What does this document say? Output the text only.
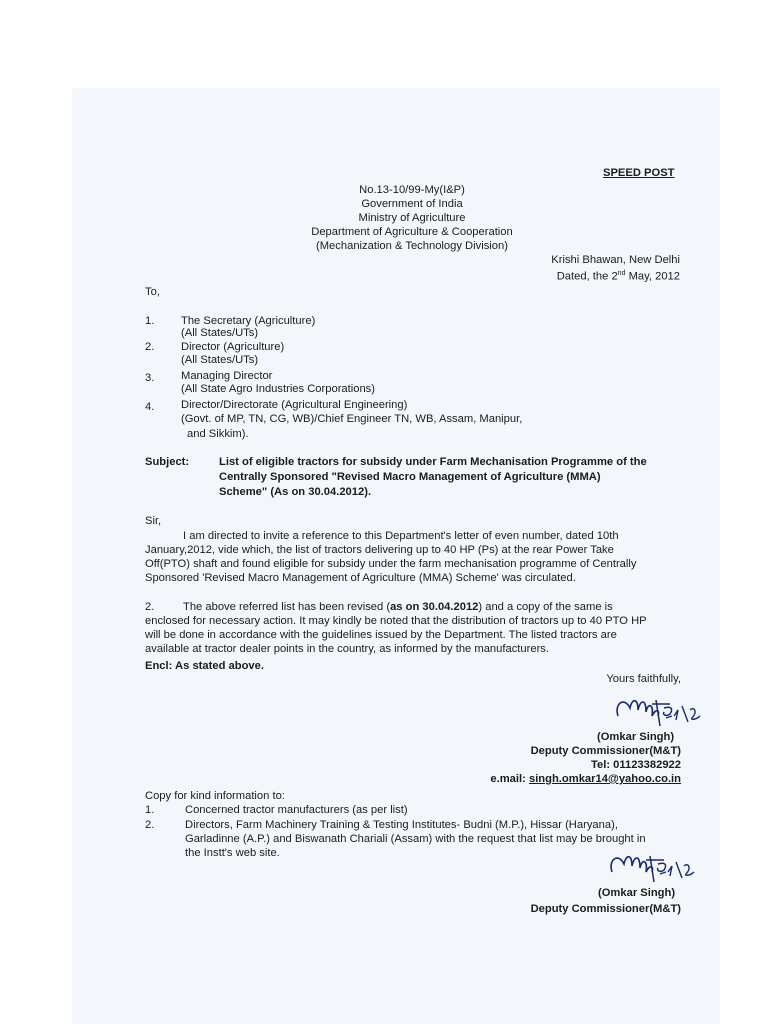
SPEED POST
No.13-10/99-My(I&P)
Government of India
Ministry of Agriculture
Department of Agriculture & Cooperation
(Mechanization & Technology Division)
Krishi Bhawan, New Delhi
Dated, the 2nd May, 2012
To,
1. The Secretary (Agriculture)
(All States/UTs)
2. Director (Agriculture)
(All States/UTs)
3. Managing Director
(All State Agro Industries Corporations)
4. Director/Directorate (Agricultural Engineering)
(Govt. of MP, TN, CG, WB)/Chief Engineer TN, WB, Assam, Manipur,
and Sikkim).
Subject:	List of eligible tractors for subsidy under Farm Mechanisation Programme of the
Centrally Sponsored "Revised Macro Management of Agriculture (MMA)
Scheme" (As on 30.04.2012).
Sir,
I am directed to invite a reference to this Department's letter of even number, dated 10th
January,2012, vide which, the list of tractors delivering up to 40 HP (Ps) at the rear Power Take
Off(PTO) shaft and found eligible for subsidy under the farm mechanisation programme of Centrally
Sponsored 'Revised Macro Management of Agriculture (MMA) Scheme' was circulated.
2.	The above referred list has been revised (as on 30.04.2012) and a copy of the same is
enclosed for necessary action. It may kindly be noted that the distribution of tractors up to 40 PTO HP
will be done in accordance with the guidelines issued by the Department. The listed tractors are
available at tractor dealer points in the country, as informed by the manufacturers.
Encl: As stated above.
Yours faithfully,
(Omkar Singh)
Deputy Commissioner(M&T)
Tel: 01123382922
e.mail: singh.omkar14@yahoo.co.in
Copy for kind information to:
1.	Concerned tractor manufacturers (as per list)
2.	Directors, Farm Machinery Training & Testing Institutes- Budni (M.P.), Hissar (Haryana),
Garladinne (A.P.) and Biswanath Chariali (Assam) with the request that list may be brought in
the Instt's web site.
(Omkar Singh)
Deputy Commissioner(M&T)
